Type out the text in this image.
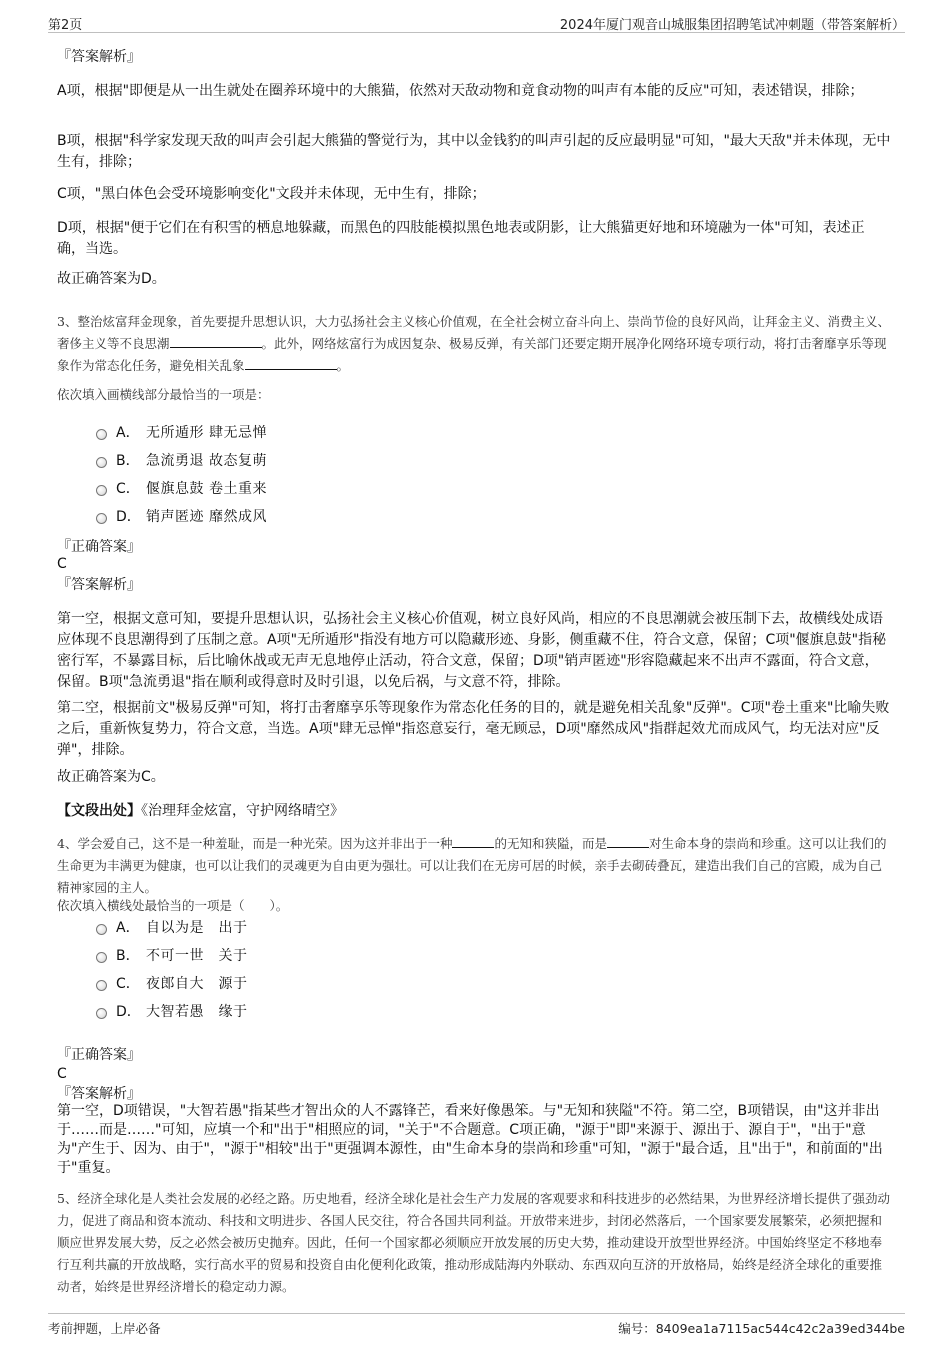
第2页	2024年厦门观音山城服集团招聘笔试冲刺题（带答案解析）
『答案解析』
A项，根据"即便是从一出生就处在圈养环境中的大熊猫，依然对天敌动物和竟食动物的叫声有本能的反应"可知，表述错误，排除；
B项，根据"科学家发现天敌的叫声会引起大熊猫的警觉行为，其中以金钱豹的叫声引起的反应最明显"可知，"最大天敌"并未体现，无中生有，排除；
C项，"黑白体色会受环境影响变化"文段并未体现，无中生有，排除；
D项，根据"便于它们在有积雪的栖息地躲藏，而黑色的四肢能模拟黑色地表或阴影，让大熊猫更好地和环境融为一体"可知，表述正确，当选。
故正确答案为D。
3、整治炫富拜金现象，首先要提升思想认识，大力弘扬社会主义核心价值观，在全社会树立奋斗向上、崇尚节俭的良好风尚，让拜金主义、消费主义、奢侈主义等不良思潮	。此外，网络炫富行为成因复杂、极易反弹，有关部门还要定期开展净化网络环境专项行动，将打击奢靡享乐等现象作为常态化任务，避免相关乱象	。
依次填入画横线部分最恰当的一项是：
A． 无所遁形 肆无忌惮
B． 急流勇退 故态复萌
C． 偃旗息鼓 卷土重来
D． 销声匿迹 靡然成风
『正确答案』
C
『答案解析』
第一空，根据文意可知，要提升思想认识，弘扬社会主义核心价值观，树立良好风尚，相应的不良思潮就会被压制下去，故横线处成语应体现不良思潮得到了压制之意。A项"无所遁形"指没有地方可以隐藏形迹、身影，侧重藏不住，符合文意，保留；C项"偃旗息鼓"指秘密行军，不暴露目标，后比喻休战或无声无息地停止活动，符合文意，保留；D项"销声匿迹"形容隐藏起来不出声不露面，符合文意，保留。B项"急流勇退"指在顺利或得意时及时引退，以免后祸，与文意不符，排除。
第二空，根据前文"极易反弹"可知，将打击奢靡享乐等现象作为常态化任务的目的，就是避免相关乱象"反弹"。C项"卷土重来"比喻失败之后，重新恢复势力，符合文意，当选。A项"肆无忌惮"指恣意妄行，毫无顾忌，D项"靡然成风"指群起效尤而成风气，均无法对应"反弹"，排除。
故正确答案为C。
【文段出处】《治理拜金炫富，守护网络晴空》
4、学会爱自己，这不是一种羞耻，而是一种光荣。因为这并非出于一种	的无知和狭隘，而是	对生命本身的崇尚和珍重。这可以让我们的生命更为丰满更为健康，也可以让我们的灵魂更为自由更为强壮。可以让我们在无房可居的时候，亲手去砌砖叠瓦，建造出我们自己的宫殿，成为自己精神家园的主人。
依次填入横线处最恰当的一项是（　　）。
A． 自以为是　出于
B． 不可一世　关于
C． 夜郎自大　源于
D． 大智若愚　缘于
『正确答案』
C
『答案解析』
第一空，D项错误，"大智若愚"指某些才智出众的人不露锋芒，看来好像愚笨。与"无知和狭隘"不符。第二空，B项错误，由"这并非出于……而是……"可知，应填一个和"出于"相照应的词，"关于"不合题意。C项正确，"源于"即"来源于、源出于、源自于"，"出于"意为"产生于、因为、由于"，"源于"相较"出于"更强调本源性，由"生命本身的崇尚和珍重"可知，"源于"最合适，且"出于"，和前面的"出于"重复。
5、经济全球化是人类社会发展的必经之路。历史地看，经济全球化是社会生产力发展的客观要求和科技进步的必然结果，为世界经济增长提供了强劲动力，促进了商品和资本流动、科技和文明进步、各国人民交往，符合各国共同利益。开放带来进步，封闭必然落后，一个国家要发展繁荣，必须把握和顺应世界发展大势，反之必然会被历史抛弃。因此，任何一个国家都必须顺应开放发展的历史大势，推动建设开放型世界经济。中国始终坚定不移地奉行互利共赢的开放战略，实行高水平的贸易和投资自由化便利化政策，推动形成陆海内外联动、东西双向互济的开放格局，始终是经济全球化的重要推动者，始终是世界经济增长的稳定动力源。
考前押题，上岸必备	编号：8409ea1a7115ac544c42c2a39ed344be
